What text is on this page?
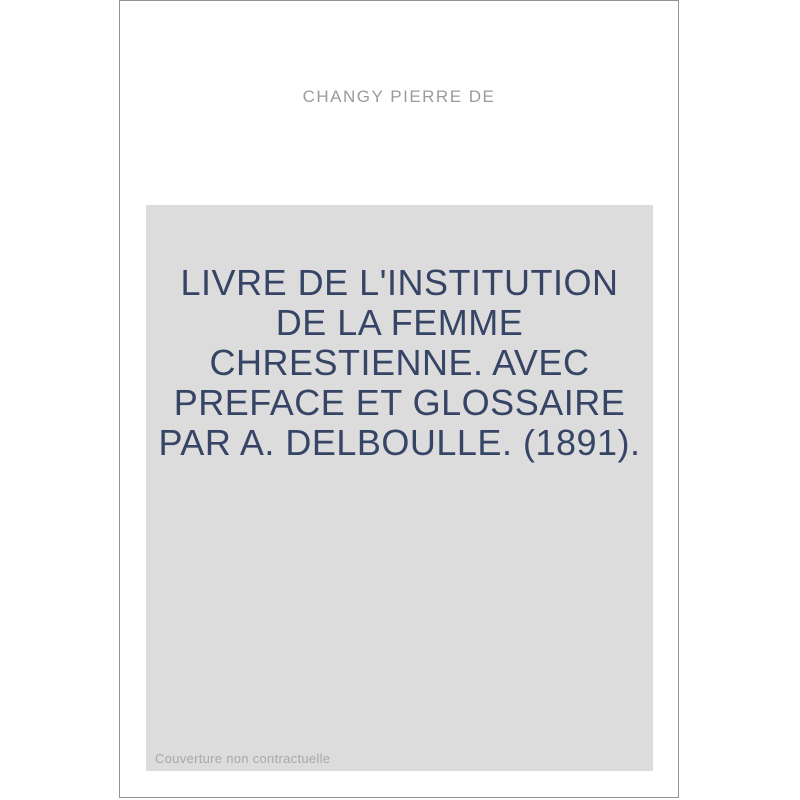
CHANGY PIERRE DE
LIVRE DE L'INSTITUTION
DE LA FEMME
CHRESTIENNE. AVEC
PREFACE ET GLOSSAIRE
PAR A. DELBOULLE. (1891).
Couverture non contractuelle
